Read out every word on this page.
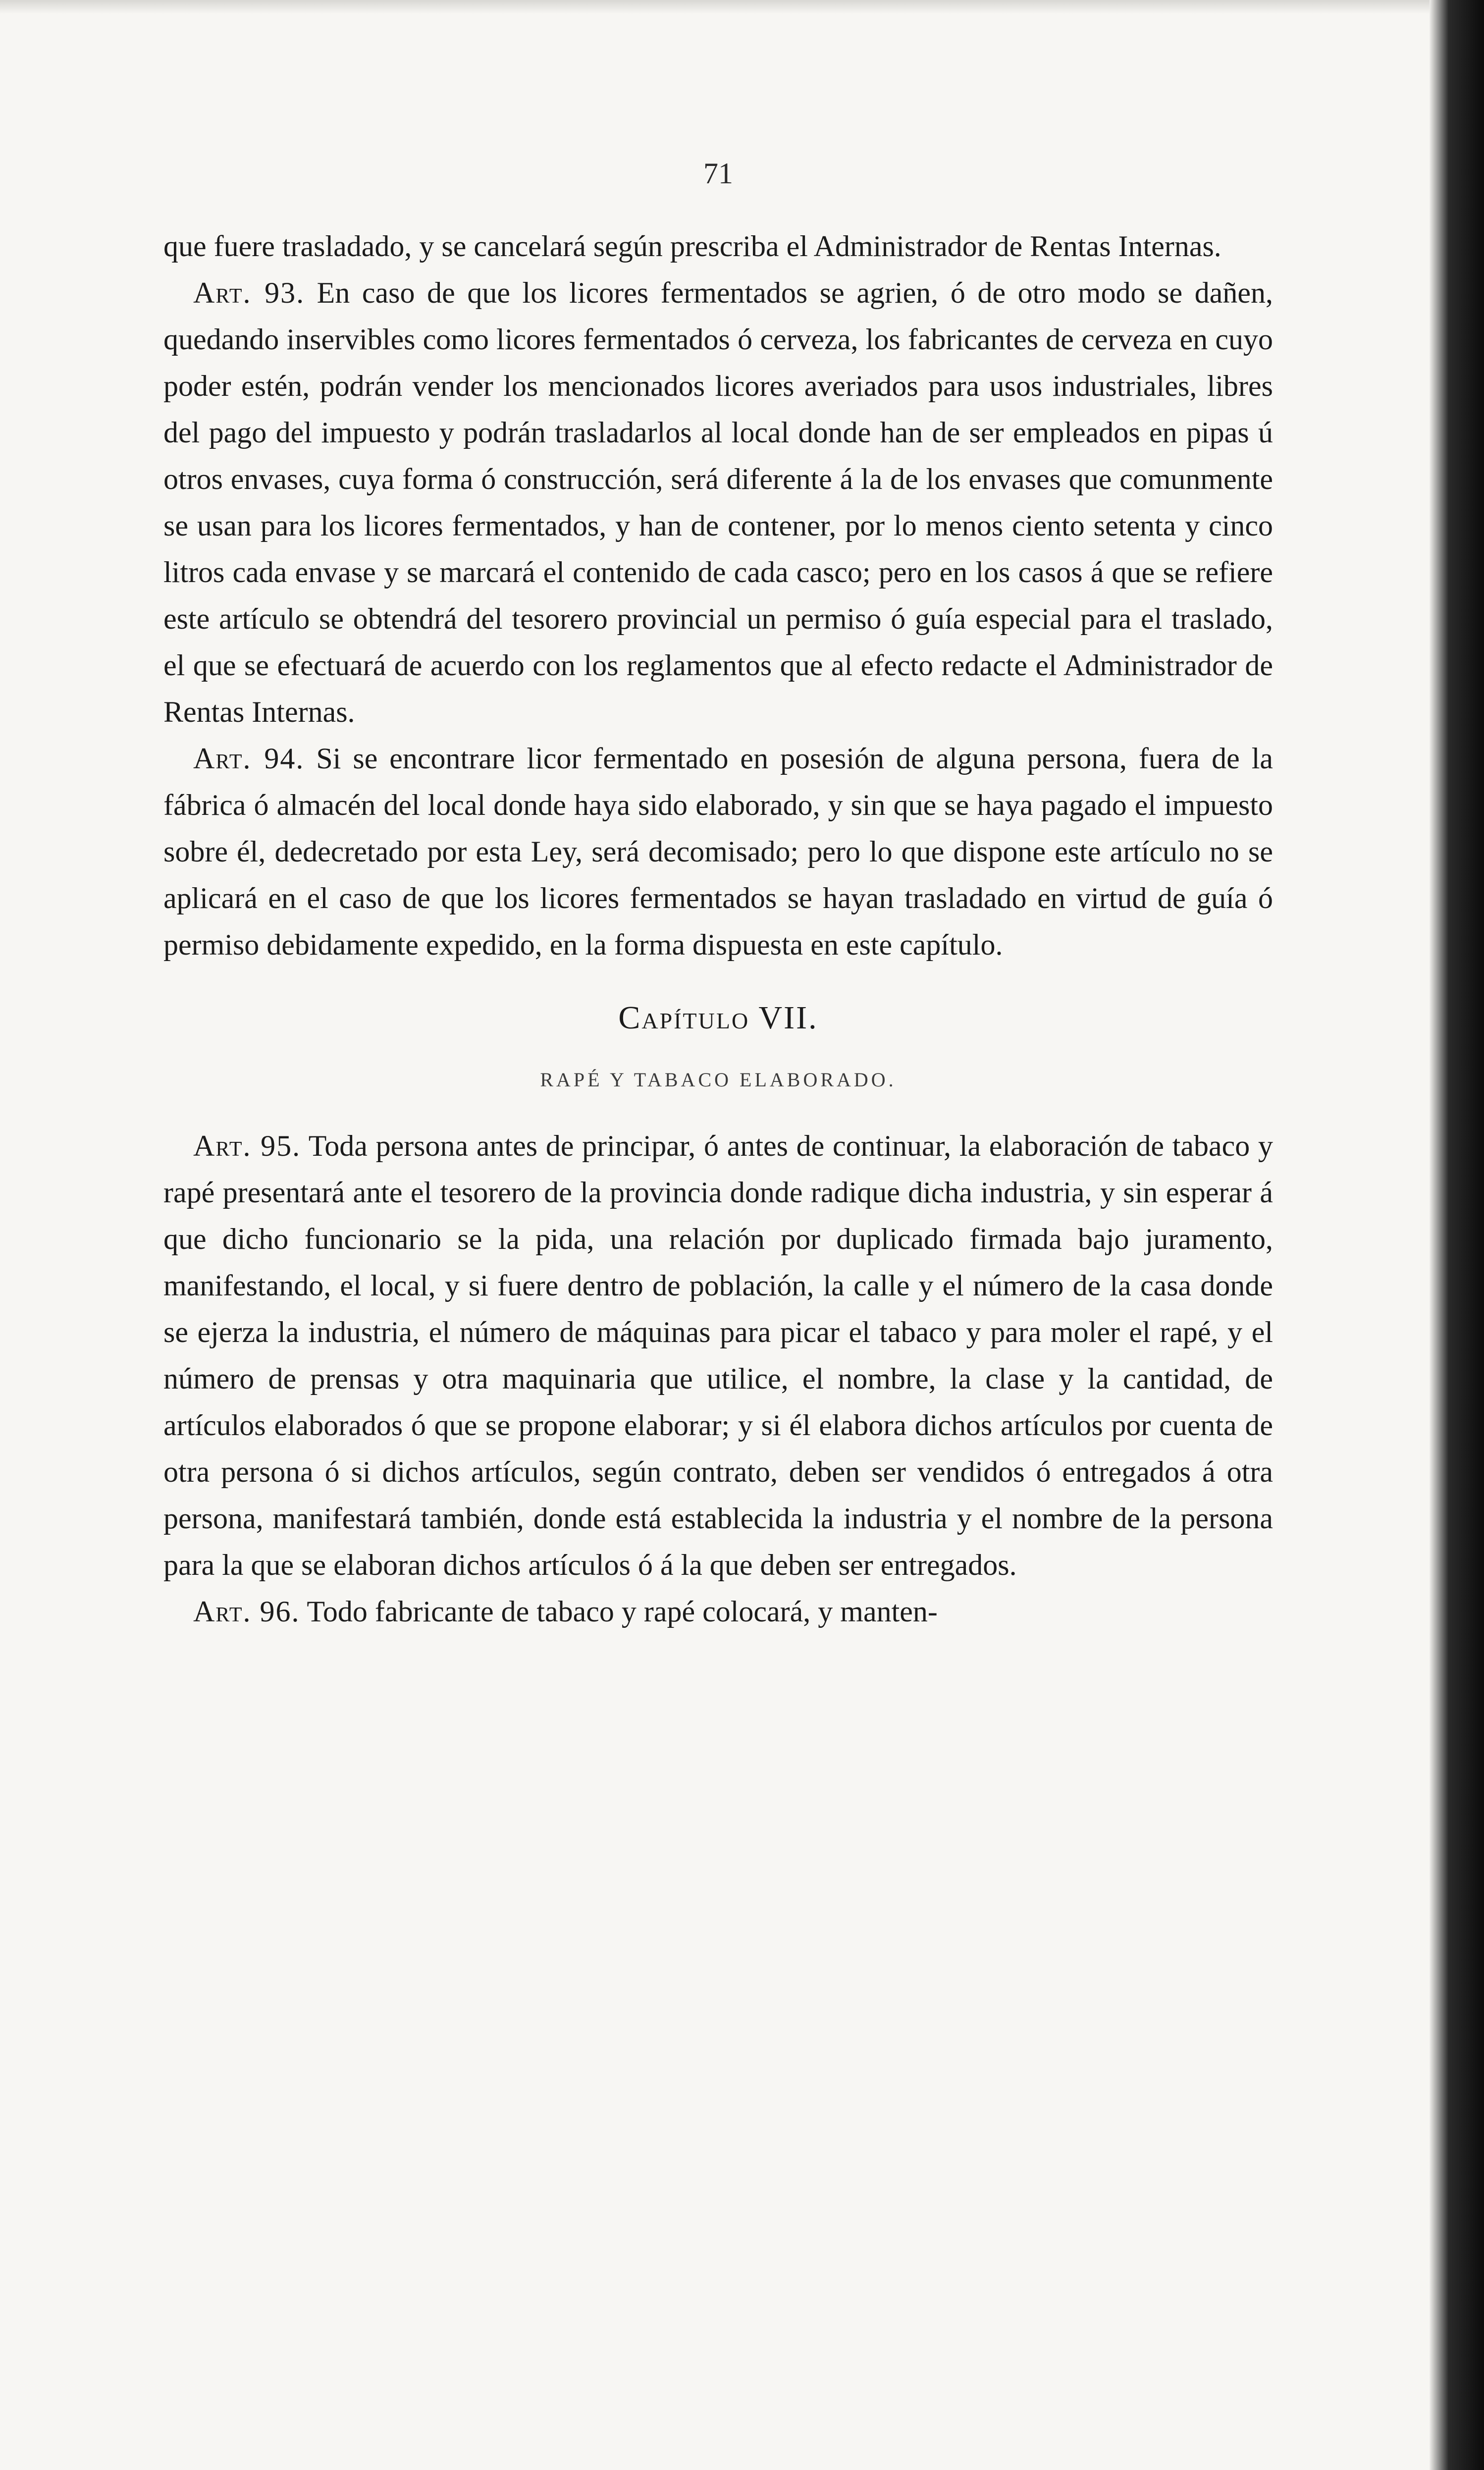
71

que fuere trasladado, y se cancelará según prescriba el Administrador de Rentas Internas.

Art. 93. En caso de que los licores fermentados se agrien, ó de otro modo se dañen, quedando inservibles como licores fermentados ó cerveza, los fabricantes de cerveza en cuyo poder estén, podrán vender los mencionados licores averiados para usos industriales, libres del pago del impuesto y podrán trasladarlos al local donde han de ser empleados en pipas ú otros envases, cuya forma ó construcción, será diferente á la de los envases que comunmente se usan para los licores fermentados, y han de contener, por lo menos ciento setenta y cinco litros cada envase y se marcará el contenido de cada casco; pero en los casos á que se refiere este artículo se obtendrá del tesorero provincial un permiso ó guía especial para el traslado, el que se efectuará de acuerdo con los reglamentos que al efecto redacte el Administrador de Rentas Internas.

Art. 94. Si se encontrare licor fermentado en posesión de alguna persona, fuera de la fábrica ó almacén del local donde haya sido elaborado, y sin que se haya pagado el impuesto sobre él, dedecretado por esta Ley, será decomisado; pero lo que dispone este artículo no se aplicará en el caso de que los licores fermentados se hayan trasladado en virtud de guía ó permiso debidamente expedido, en la forma dispuesta en este capítulo.

Capítulo VII.
RAPÉ Y TABACO ELABORADO.

Art. 95. Toda persona antes de principar, ó antes de continuar, la elaboración de tabaco y rapé presentará ante el tesorero de la provincia donde radique dicha industria, y sin esperar á que dicho funcionario se la pida, una relación por duplicado firmada bajo juramento, manifestando, el local, y si fuere dentro de población, la calle y el número de la casa donde se ejerza la industria, el número de máquinas para picar el tabaco y para moler el rapé, y el número de prensas y otra maquinaria que utilice, el nombre, la clase y la cantidad, de artículos elaborados ó que se propone elaborar; y si él elabora dichos artículos por cuenta de otra persona ó si dichos artículos, según contrato, deben ser vendidos ó entregados á otra persona, manifestará también, donde está establecida la industria y el nombre de la persona para la que se elaboran dichos artículos ó á la que deben ser entregados.

Art. 96. Todo fabricante de tabaco y rapé colocará, y manten-
